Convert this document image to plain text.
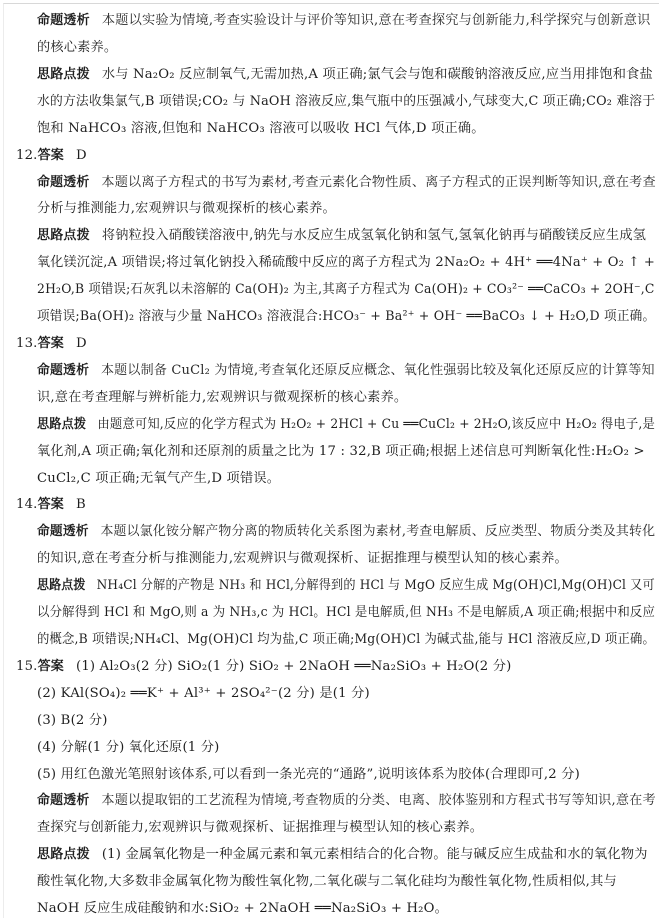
命题透析 本题以实验为情境,考查实验设计与评价等知识,意在考查探究与创新能力,科学探究与创新意识
的核心素养。
思路点拨 水与 Na₂O₂ 反应制氧气,无需加热,A 项正确;氯气会与饱和碳酸钠溶液反应,应当用排饱和食盐
水的方法收集氯气,B 项错误;CO₂ 与 NaOH 溶液反应,集气瓶中的压强减小,气球变大,C 项正确;CO₂ 难溶于
饱和 NaHCO₃ 溶液,但饱和 NaHCO₃ 溶液可以吸收 HCl 气体,D 项正确。
12.答案 D
命题透析 本题以离子方程式的书写为素材,考查元素化合物性质、离子方程式的正误判断等知识,意在考查
分析与推测能力,宏观辨识与微观探析的核心素养。
思路点拨 将钠粒投入硝酸镁溶液中,钠先与水反应生成氢氧化钠和氢气,氢氧化钠再与硝酸镁反应生成氢
氧化镁沉淀,A 项错误;将过氧化钠投入稀硫酸中反应的离子方程式为 2Na₂O₂ + 4H⁺ ══4Na⁺ + O₂ ↑ +
2H₂O,B 项错误;石灰乳以未溶解的 Ca(OH)₂ 为主,其离子方程式为 Ca(OH)₂ + CO₃²⁻ ══CaCO₃ + 2OH⁻,C
项错误;Ba(OH)₂ 溶液与少量 NaHCO₃ 溶液混合:HCO₃⁻ + Ba²⁺ + OH⁻ ══BaCO₃ ↓ + H₂O,D 项正确。
13.答案 D
命题透析 本题以制备 CuCl₂ 为情境,考查氧化还原反应概念、氧化性强弱比较及氧化还原反应的计算等知
识,意在考查理解与辨析能力,宏观辨识与微观探析的核心素养。
思路点拨 由题意可知,反应的化学方程式为 H₂O₂ + 2HCl + Cu ══CuCl₂ + 2H₂O,该反应中 H₂O₂ 得电子,是
氧化剂,A 项正确;氧化剂和还原剂的质量之比为 17 : 32,B 项正确;根据上述信息可判断氧化性:H₂O₂ >
CuCl₂,C 项正确;无氧气产生,D 项错误。
14.答案 B
命题透析 本题以氯化铵分解产物分离的物质转化关系图为素材,考查电解质、反应类型、物质分类及其转化
的知识,意在考查分析与推测能力,宏观辨识与微观探析、证据推理与模型认知的核心素养。
思路点拨 NH₄Cl 分解的产物是 NH₃ 和 HCl,分解得到的 HCl 与 MgO 反应生成 Mg(OH)Cl,Mg(OH)Cl 又可
以分解得到 HCl 和 MgO,则 a 为 NH₃,c 为 HCl。HCl 是电解质,但 NH₃ 不是电解质,A 项正确;根据中和反应
的概念,B 项错误;NH₄Cl、Mg(OH)Cl 均为盐,C 项正确;Mg(OH)Cl 为碱式盐,能与 HCl 溶液反应,D 项正确。
15.答案 (1) Al₂O₃(2 分) SiO₂(1 分) SiO₂ + 2NaOH ══Na₂SiO₃ + H₂O(2 分)
(2) KAl(SO₄)₂ ══K⁺ + Al³⁺ + 2SO₄²⁻(2 分) 是(1 分)
(3) B(2 分)
(4) 分解(1 分) 氧化还原(1 分)
(5) 用红色激光笔照射该体系,可以看到一条光亮的“通路”,说明该体系为胶体(合理即可,2 分)
命题透析 本题以提取铝的工艺流程为情境,考查物质的分类、电离、胶体鉴别和方程式书写等知识,意在考
查探究与创新能力,宏观辨识与微观探析、证据推理与模型认知的核心素养。
思路点拨 (1) 金属氧化物是一种金属元素和氧元素相结合的化合物。能与碱反应生成盐和水的氧化物为
酸性氧化物,大多数非金属氧化物为酸性氧化物,二氧化碳与二氧化硅均为酸性氧化物,性质相似,其与
NaOH 反应生成硅酸钠和水:SiO₂ + 2NaOH ══Na₂SiO₃ + H₂O。
